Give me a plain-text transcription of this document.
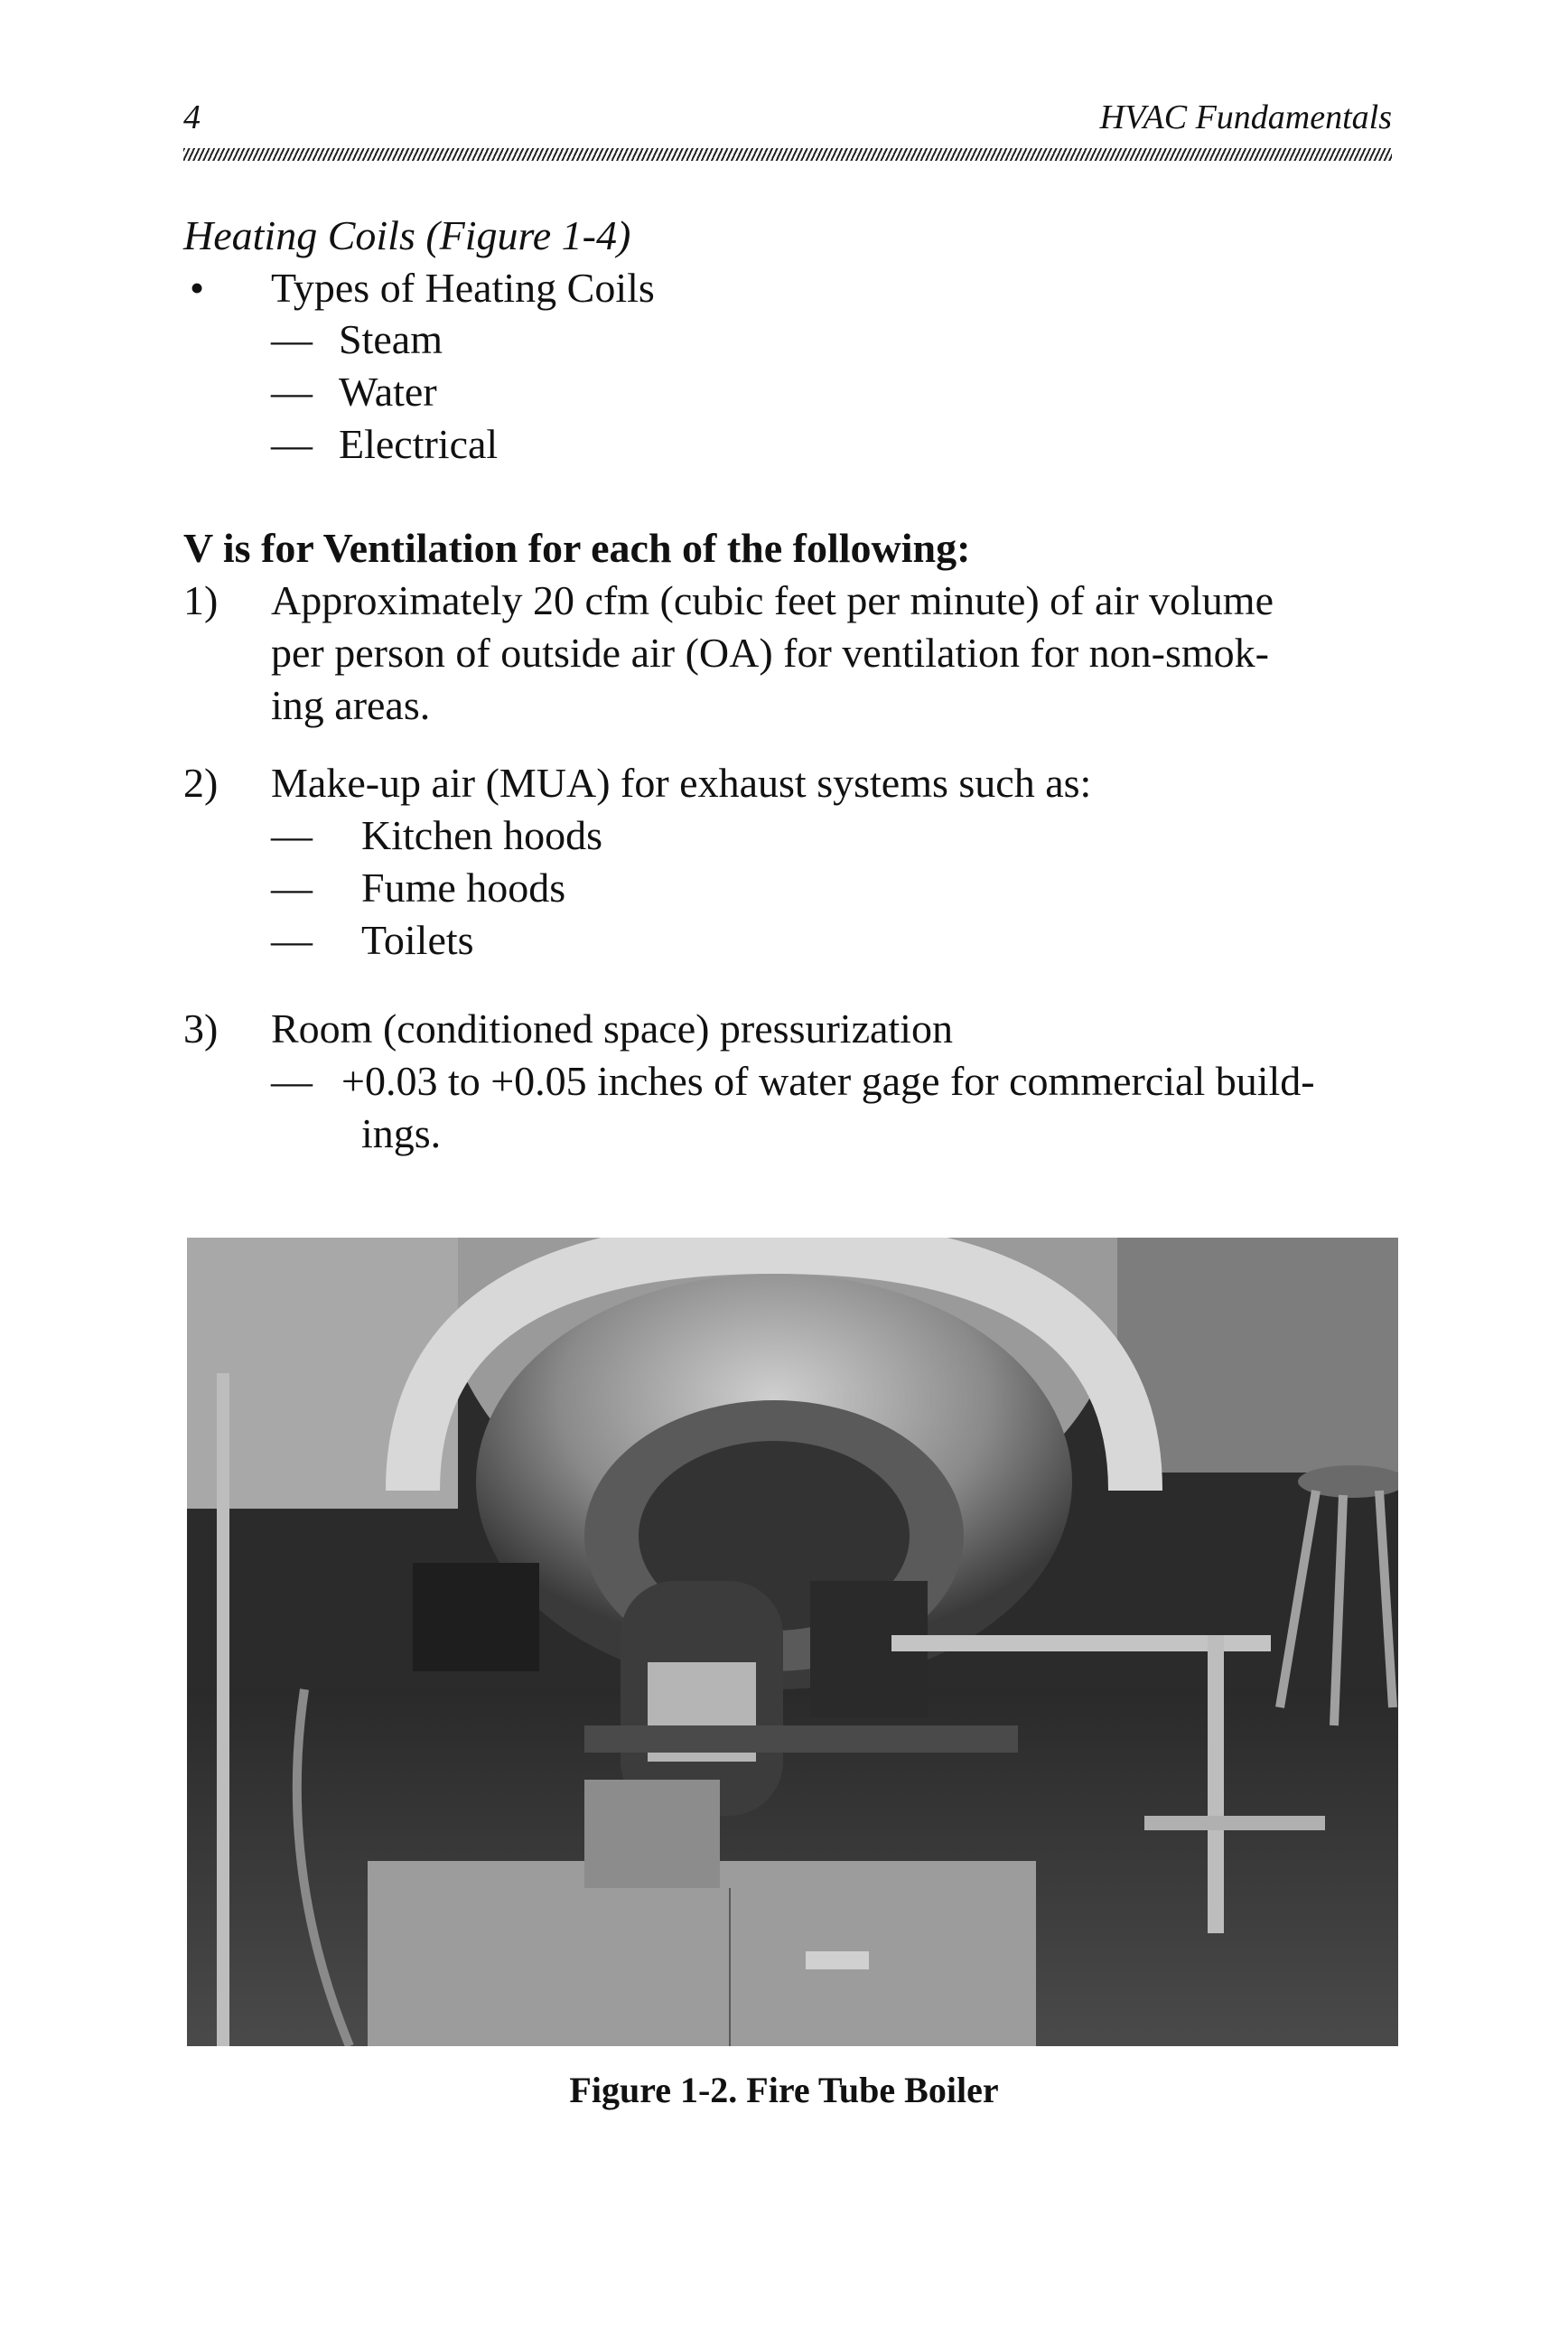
4	HVAC Fundamentals
Heating Coils (Figure 1-4)
• Types of Heating Coils
— Steam
— Water
— Electrical
V is for Ventilation for each of the following:
1) Approximately 20 cfm (cubic feet per minute) of air volume
per person of outside air (OA) for ventilation for non-smok-
ing areas.
2) Make-up air (MUA) for exhaust systems such as:
— Kitchen hoods
— Fume hoods
— Toilets
3) Room (conditioned space) pressurization
— +0.03 to +0.05 inches of water gage for commercial build-
ings.
Figure 1-2. Fire Tube Boiler
